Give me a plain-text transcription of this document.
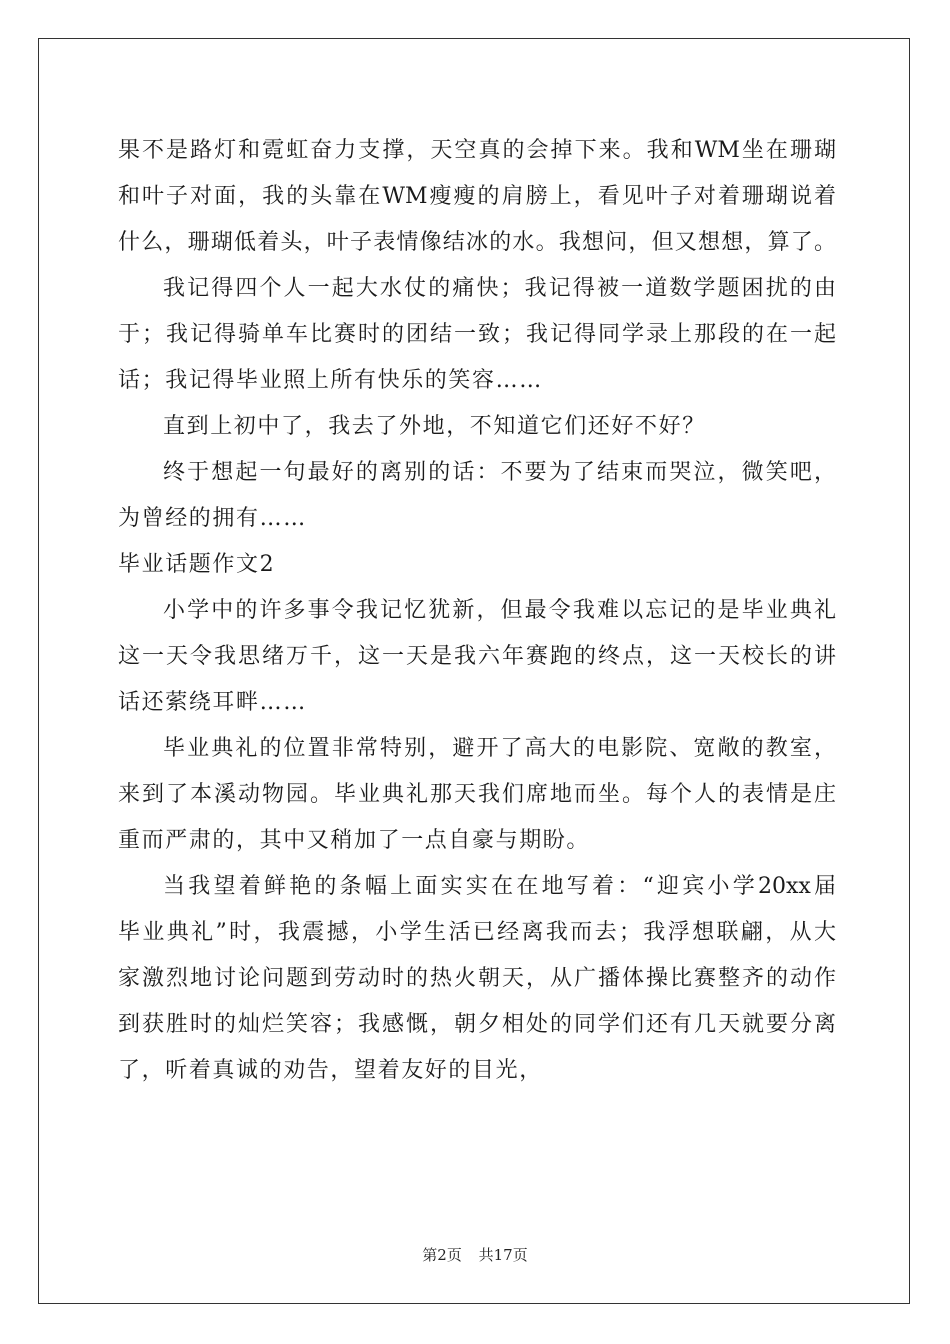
果不是路灯和霓虹奋力支撑，天空真的会掉下来。我和WM坐在珊瑚
和叶子对面，我的头靠在WM瘦瘦的肩膀上，看见叶子对着珊瑚说着
什么，珊瑚低着头，叶子表情像结冰的水。我想问，但又想想，算了。
我记得四个人一起大水仗的痛快；我记得被一道数学题困扰的由
于；我记得骑单车比赛时的团结一致；我记得同学录上那段的在一起
话；我记得毕业照上所有快乐的笑容……
直到上初中了，我去了外地，不知道它们还好不好？
终于想起一句最好的离别的话：不要为了结束而哭泣，微笑吧，
为曾经的拥有……
毕业话题作文2
小学中的许多事令我记忆犹新，但最令我难以忘记的是毕业典礼
这一天令我思绪万千，这一天是我六年赛跑的终点，这一天校长的讲
话还萦绕耳畔……
毕业典礼的位置非常特别，避开了高大的电影院、宽敞的教室，
来到了本溪动物园。毕业典礼那天我们席地而坐。每个人的表情是庄
重而严肃的，其中又稍加了一点自豪与期盼。
当我望着鲜艳的条幅上面实实在在地写着：“迎宾小学20xx届
毕业典礼”时，我震撼，小学生活已经离我而去；我浮想联翩，从大
家激烈地讨论问题到劳动时的热火朝天，从广播体操比赛整齐的动作
到获胜时的灿烂笑容；我感慨，朝夕相处的同学们还有几天就要分离
了，听着真诚的劝告，望着友好的目光，
第2页 共17页
